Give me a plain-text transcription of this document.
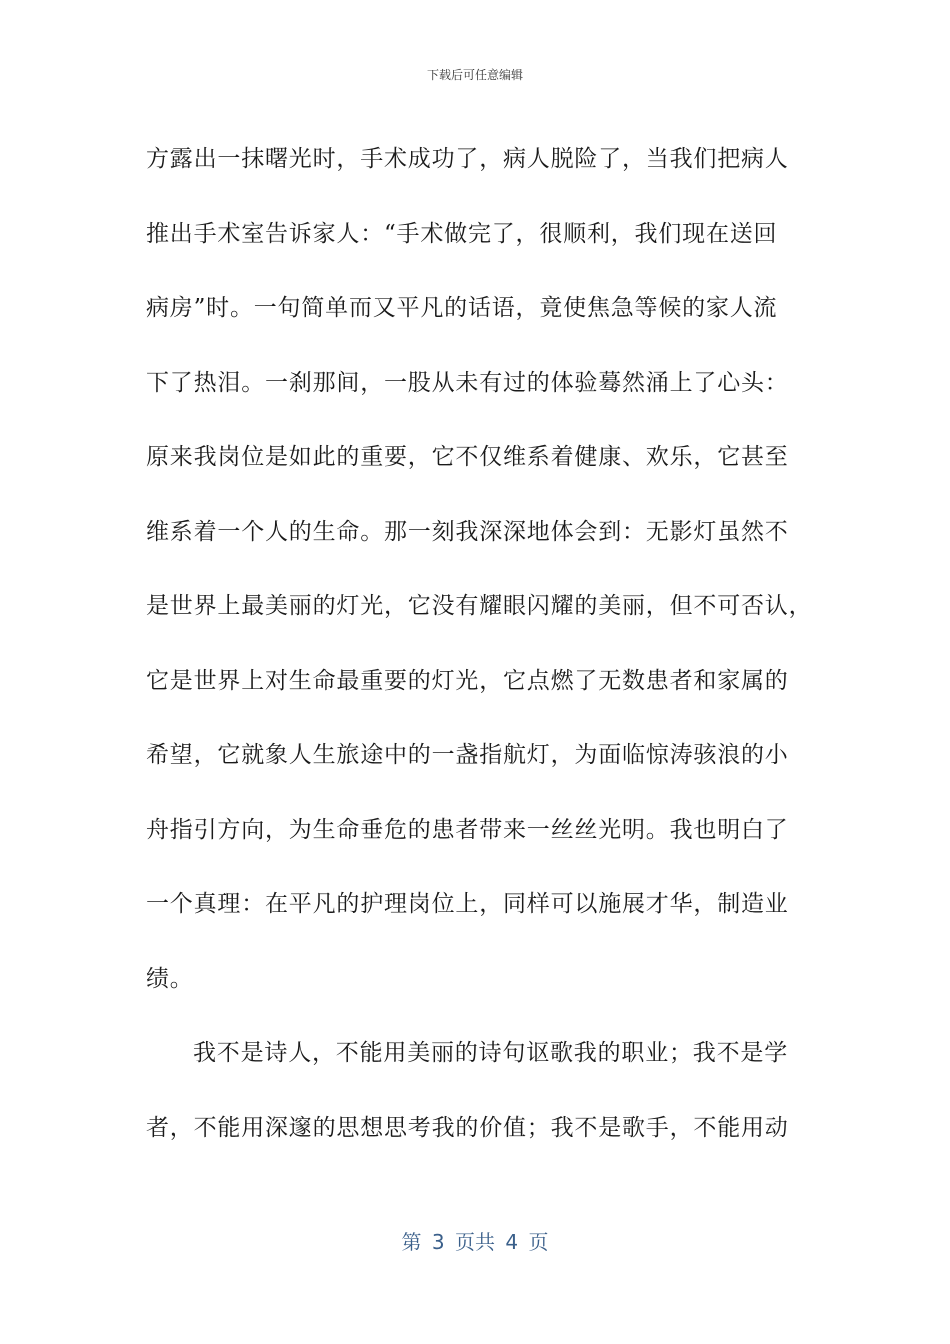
下载后可任意编辑
方露出一抹曙光时，手术成功了，病人脱险了，当我们把病人
推出手术室告诉家人：“手术做完了，很顺利，我们现在送回
病房”时。一句简单而又平凡的话语，竟使焦急等候的家人流
下了热泪。一刹那间，一股从未有过的体验蓦然涌上了心头：
原来我岗位是如此的重要，它不仅维系着健康、欢乐，它甚至
维系着一个人的生命。那一刻我深深地体会到：无影灯虽然不
是世界上最美丽的灯光，它没有耀眼闪耀的美丽，但不可否认，
它是世界上对生命最重要的灯光，它点燃了无数患者和家属的
希望，它就象人生旅途中的一盏指航灯，为面临惊涛骇浪的小
舟指引方向，为生命垂危的患者带来一丝丝光明。我也明白了
一个真理：在平凡的护理岗位上，同样可以施展才华，制造业
绩。
我不是诗人，不能用美丽的诗句讴歌我的职业；我不是学
者，不能用深邃的思想思考我的价值；我不是歌手，不能用动
第 3 页共 4 页
